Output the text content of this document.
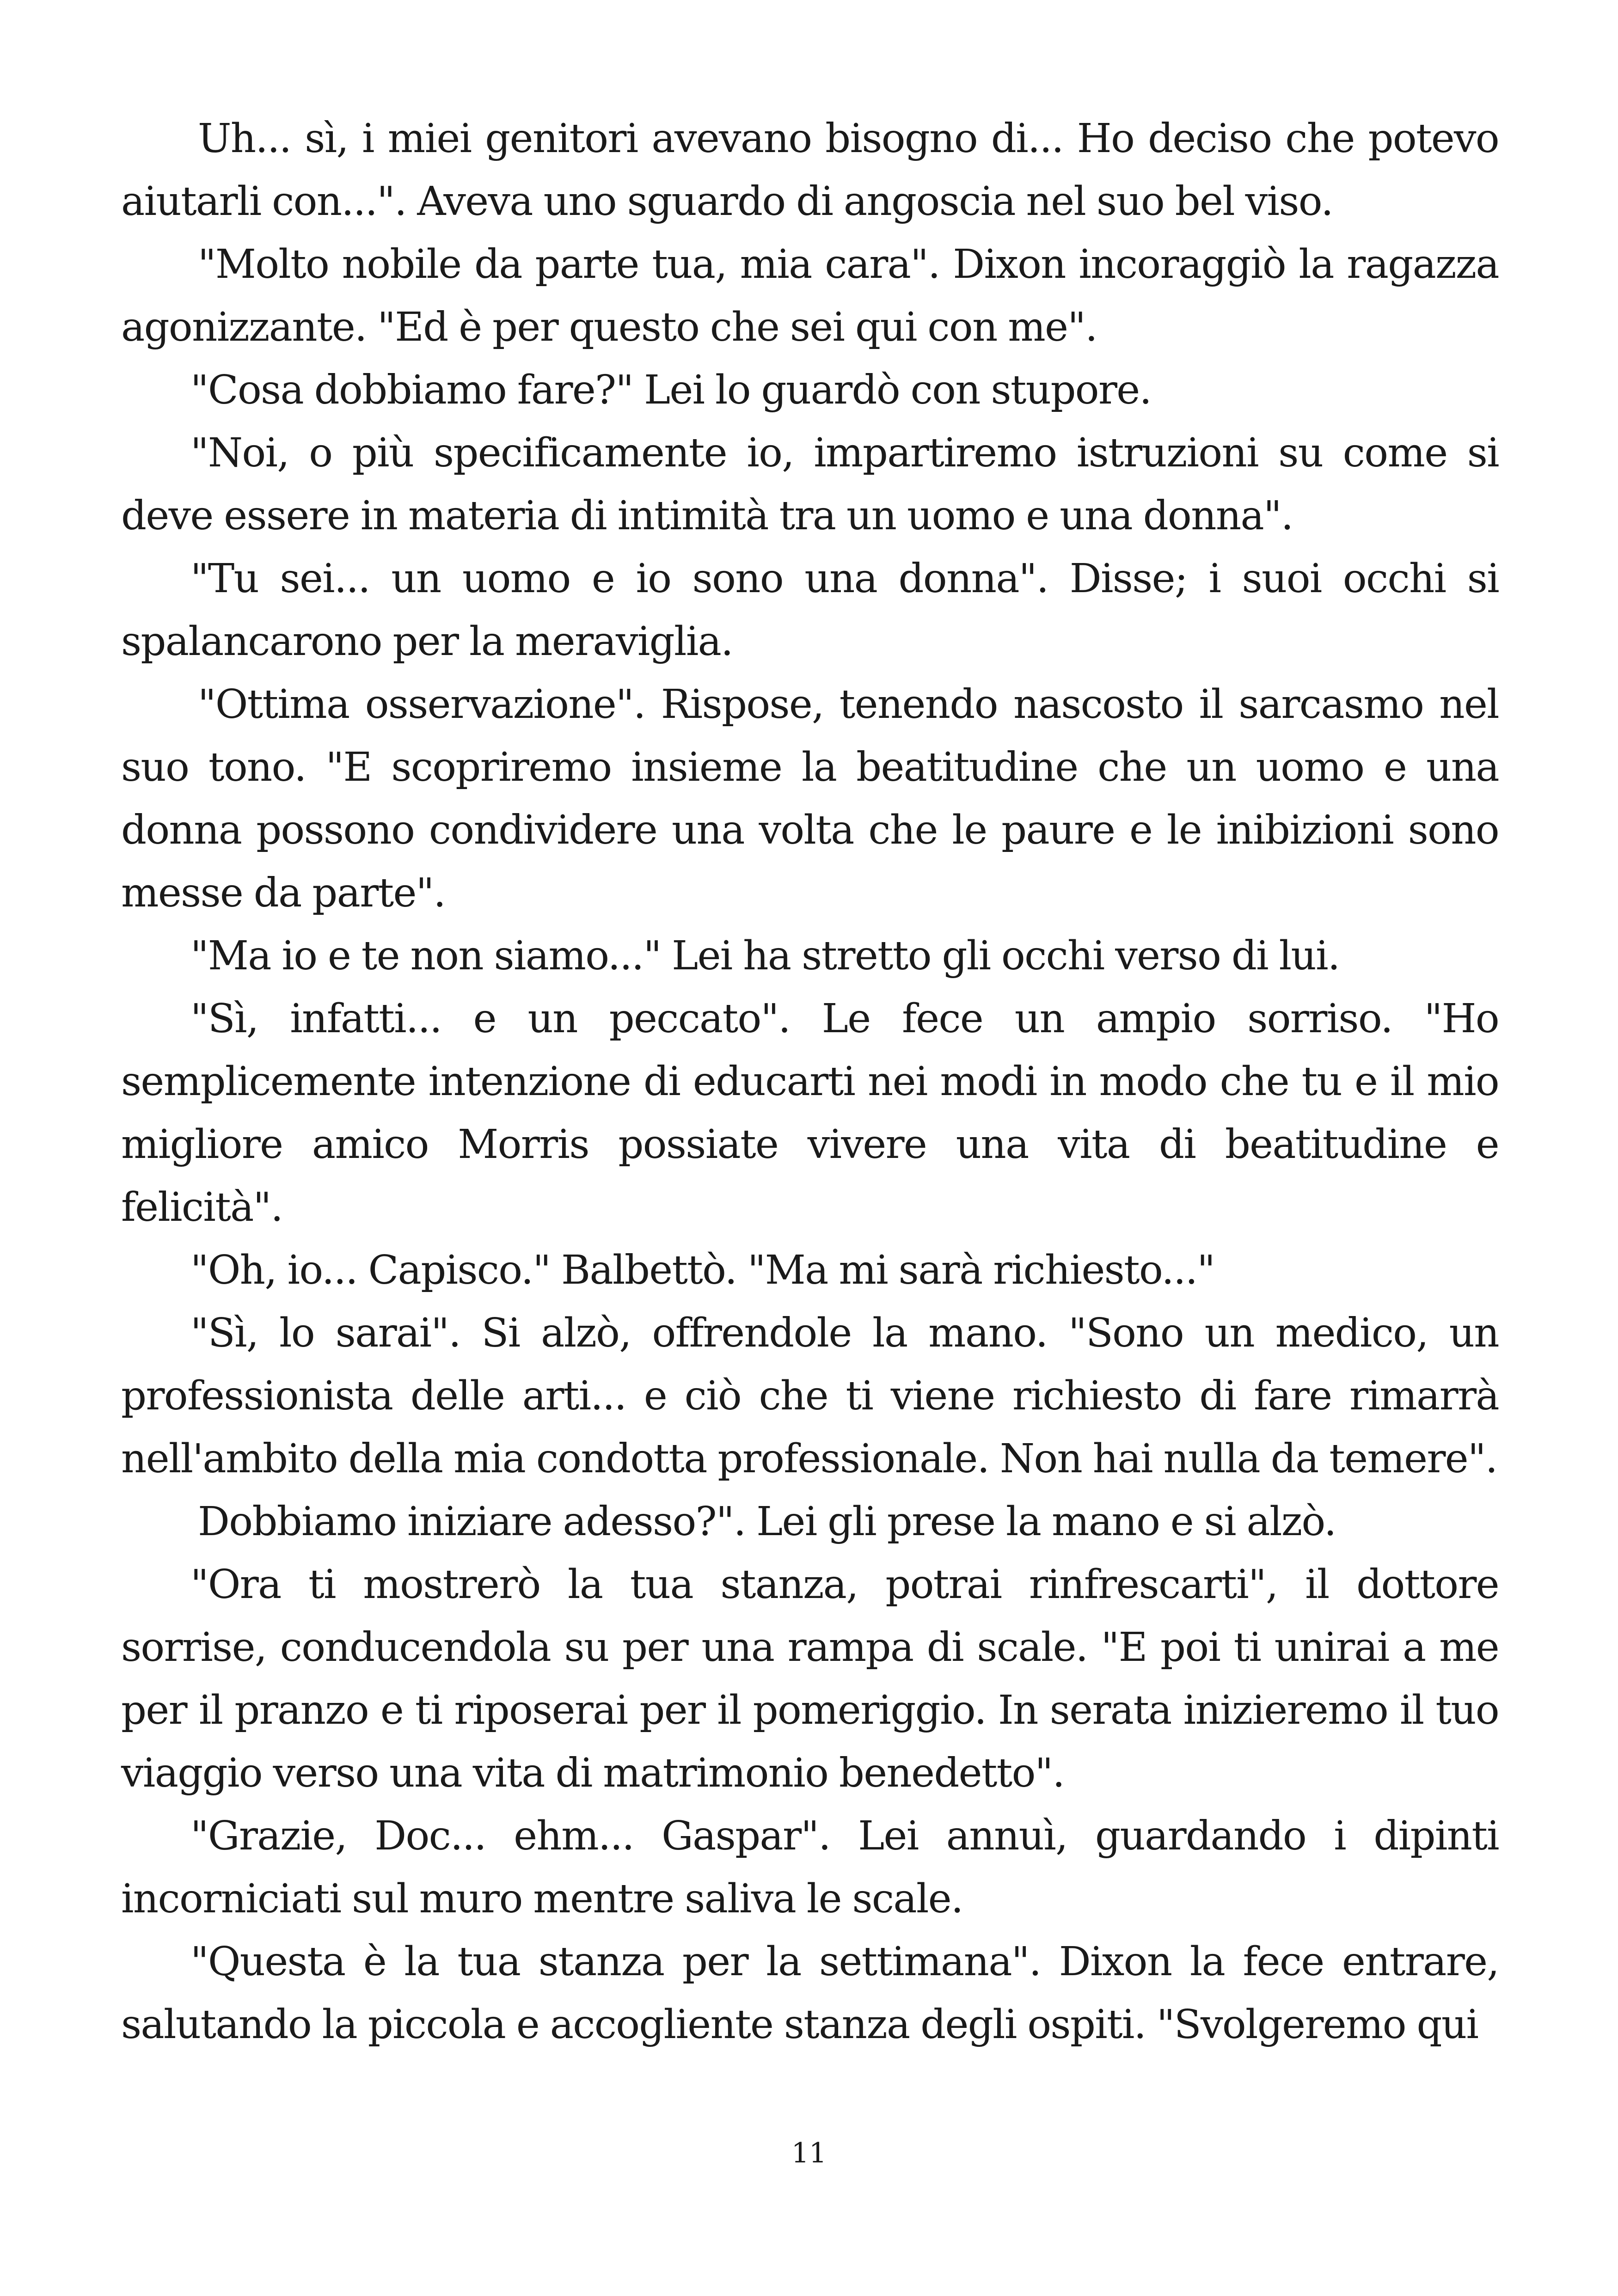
Uh... sì, i miei genitori avevano bisogno di... Ho deciso che potevo aiutarli con...". Aveva uno sguardo di angoscia nel suo bel viso.

"Molto nobile da parte tua, mia cara". Dixon incoraggiò la ragazza agonizzante. "Ed è per questo che sei qui con me".

"Cosa dobbiamo fare?" Lei lo guardò con stupore.

"Noi, o più specificamente io, impartiremo istruzioni su come si deve essere in materia di intimità tra un uomo e una donna".

"Tu sei... un uomo e io sono una donna". Disse; i suoi occhi si spalancarono per la meraviglia.

"Ottima osservazione". Rispose, tenendo nascosto il sarcasmo nel suo tono. "E scopriremo insieme la beatitudine che un uomo e una donna possono condividere una volta che le paure e le inibizioni sono messe da parte".

"Ma io e te non siamo..." Lei ha stretto gli occhi verso di lui.

"Sì, infatti... e un peccato". Le fece un ampio sorriso. "Ho semplicemente intenzione di educarti nei modi in modo che tu e il mio migliore amico Morris possiate vivere una vita di beatitudine e felicità".

"Oh, io... Capisco." Balbettò. "Ma mi sarà richiesto..."

"Sì, lo sarai". Si alzò, offrendole la mano. "Sono un medico, un professionista delle arti... e ciò che ti viene richiesto di fare rimarrà nell'ambito della mia condotta professionale. Non hai nulla da temere".

Dobbiamo iniziare adesso?". Lei gli prese la mano e si alzò.

"Ora ti mostrerò la tua stanza, potrai rinfrescarti", il dottore sorrise, conducendola su per una rampa di scale. "E poi ti unirai a me per il pranzo e ti riposerai per il pomeriggio. In serata inizieremo il tuo viaggio verso una vita di matrimonio benedetto".

"Grazie, Doc... ehm... Gaspar". Lei annuì, guardando i dipinti incorniciati sul muro mentre saliva le scale.

"Questa è la tua stanza per la settimana". Dixon la fece entrare, salutando la piccola e accogliente stanza degli ospiti. "Svolgeremo qui

11
